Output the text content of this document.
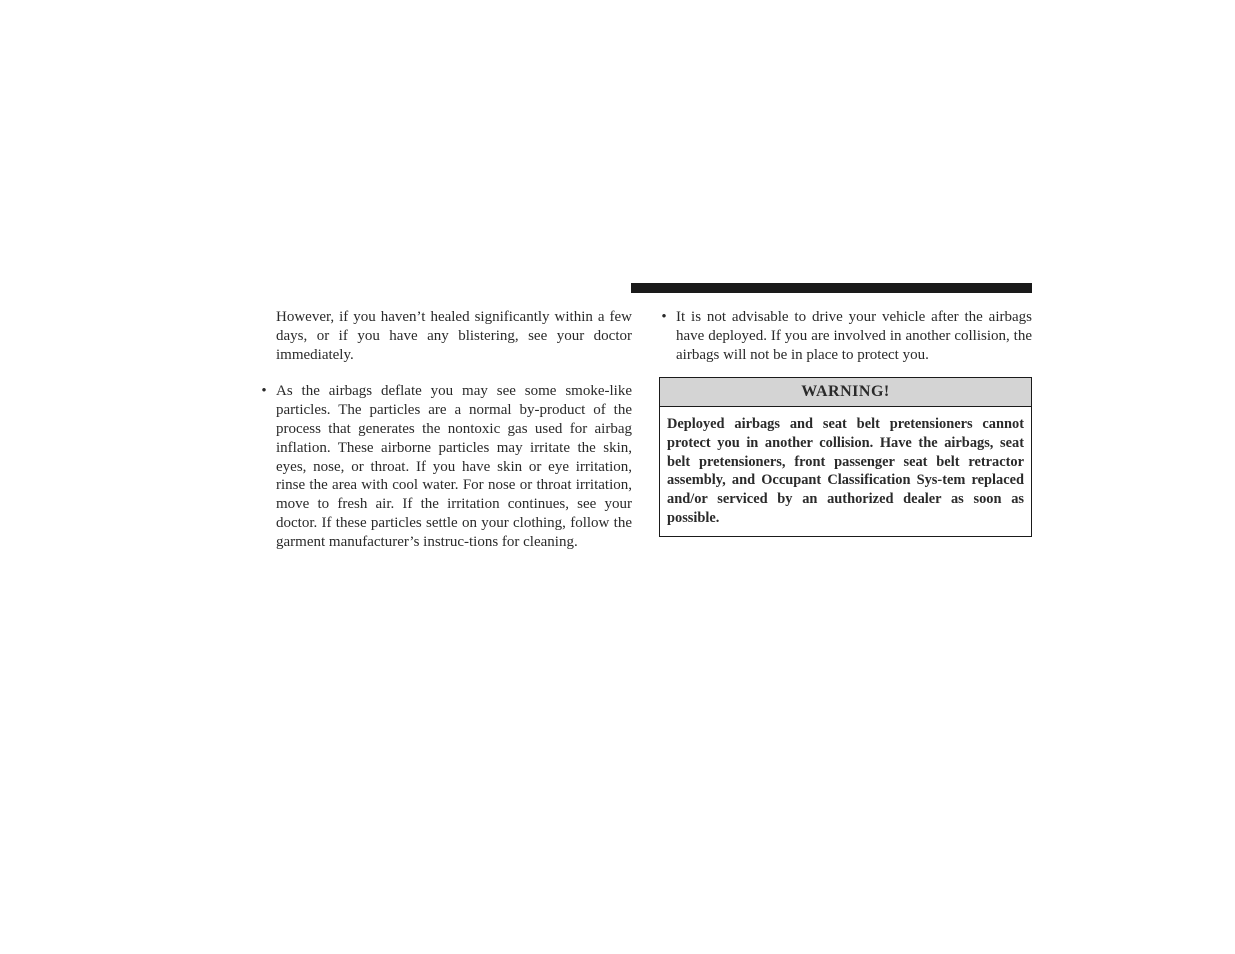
However, if you haven’t healed significantly within a few days, or if you have any blistering, see your doctor immediately.

• As the airbags deflate you may see some smoke-like particles. The particles are a normal by-product of the process that generates the nontoxic gas used for airbag inflation. These airborne particles may irritate the skin, eyes, nose, or throat. If you have skin or eye irritation, rinse the area with cool water. For nose or throat irritation, move to fresh air. If the irritation continues, see your doctor. If these particles settle on your clothing, follow the garment manufacturer’s instruc-tions for cleaning.

• It is not advisable to drive your vehicle after the airbags have deployed. If you are involved in another collision, the airbags will not be in place to protect you.

WARNING!
Deployed airbags and seat belt pretensioners cannot protect you in another collision. Have the airbags, seat belt pretensioners, front passenger seat belt retractor assembly, and Occupant Classification Sys-tem replaced and/or serviced by an authorized dealer as soon as possible.
